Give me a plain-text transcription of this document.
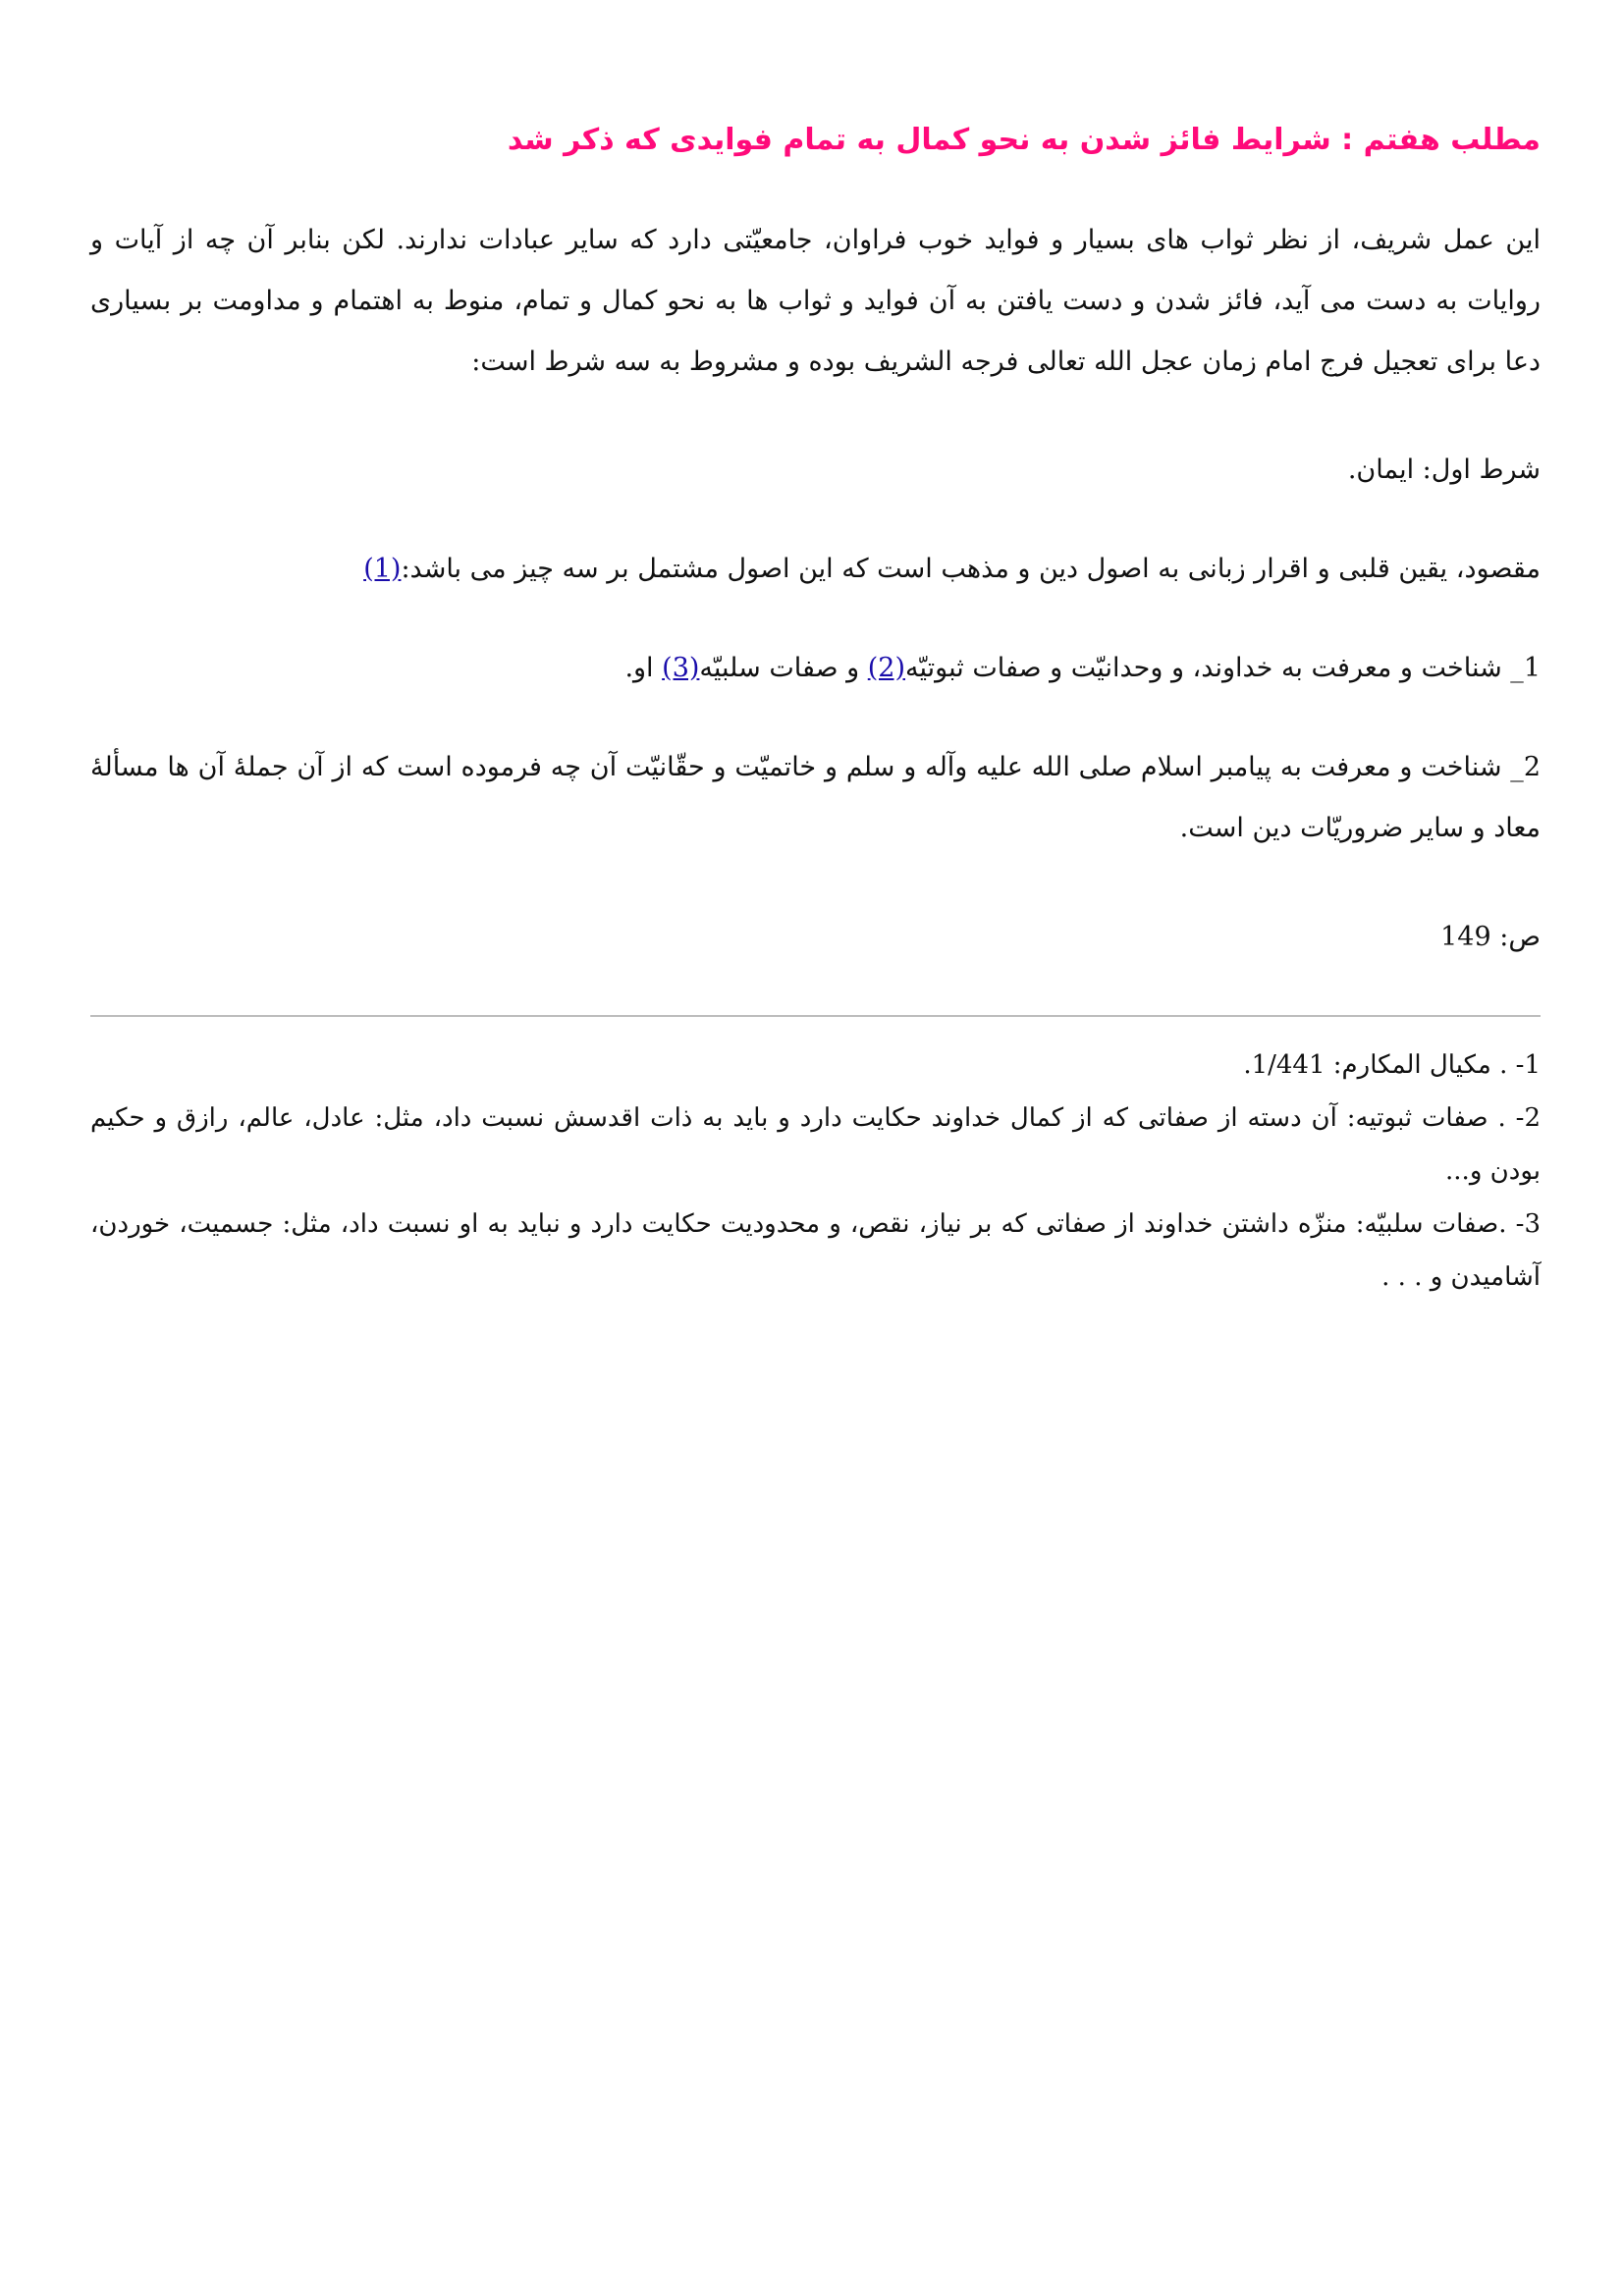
مطلب هفتم : شرایط فائز شدن به نحو کمال به تمام فوایدی که ذکر شد

این عمل شریف، از نظر ثواب های بسیار و فواید خوب فراوان، جامعیّتی دارد که سایر عبادات ندارند. لکن بنابر آن چه از آیات و روایات به دست می آید، فائز شدن و دست یافتن به آن فواید و ثواب ها به نحو کمال و تمام، منوط به اهتمام و مداومت بر بسیاری دعا برای تعجیل فرج امام زمان عجل الله تعالی فرجه الشریف بوده و مشروط به سه شرط است:

شرط اول: ایمان.

مقصود، یقین قلبی و اقرار زبانی به اصول دین و مذهب است که این اصول مشتمل بر سه چیز می باشد:(1)

1_ شناخت و معرفت به خداوند، و وحدانیّت و صفات ثبوتیّه(2) و صفات سلبیّه(3) او.

2_ شناخت و معرفت به پیامبر اسلام صلی الله علیه وآله و سلم و خاتمیّت و حقّانیّت آن چه فرموده است که از آن جملهٔ آن ها مسألهٔ معاد و سایر ضروریّات دین است.

ص: 149

1- . مکیال المکارم: 1/441.

2- . صفات ثبوتیه: آن دسته از صفاتی که از کمال خداوند حکایت دارد و باید به ذات اقدسش نسبت داد، مثل: عادل، عالم، رازق و حکیم بودن و...

3- .صفات سلبیّه: منزّه داشتن خداوند از صفاتی که بر نیاز، نقص، و محدودیت حکایت دارد و نباید به او نسبت داد، مثل: جسمیت، خوردن، آشامیدن و . . .
